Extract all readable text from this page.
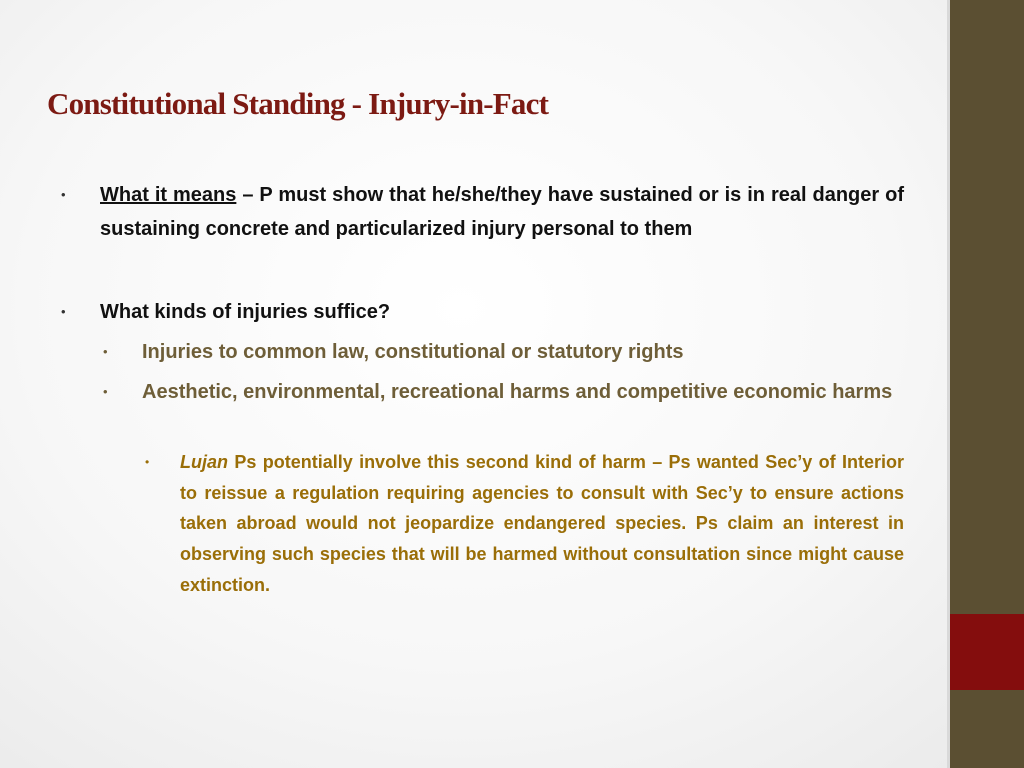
Constitutional Standing - Injury-in-Fact
• What it means – P must show that he/she/they have sustained or is in real danger of sustaining concrete and particularized injury personal to them
• What kinds of injuries suffice?
• Injuries to common law, constitutional or statutory rights
• Aesthetic, environmental, recreational harms and competitive economic harms
• Lujan Ps potentially involve this second kind of harm – Ps wanted Sec’y of Interior to reissue a regulation requiring agencies to consult with Sec’y to ensure actions taken abroad would not jeopardize endangered species. Ps claim an interest in observing such species that will be harmed without consultation since might cause extinction.
